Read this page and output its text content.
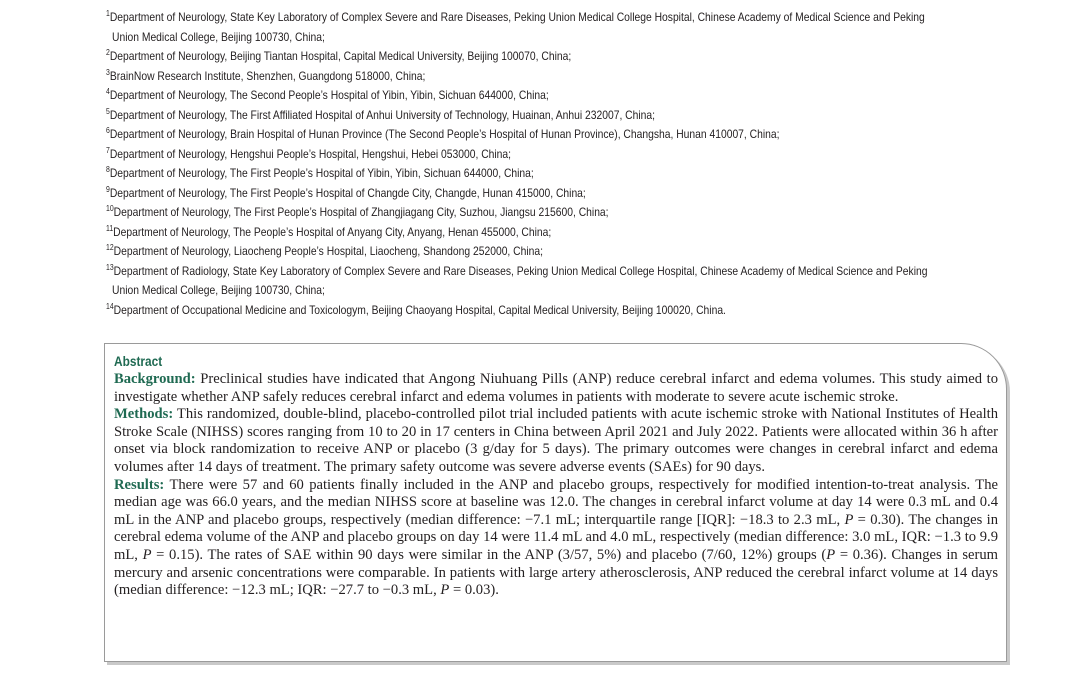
$^1$Department of Neurology, State Key Laboratory of Complex Severe and Rare Diseases, Peking Union Medical College Hospital, Chinese Academy of Medical Science and Peking
Union Medical College, Beijing 100730, China;
$^2$Department of Neurology, Beijing Tiantan Hospital, Capital Medical University, Beijing 100070, China;
$^3$BrainNow Research Institute, Shenzhen, Guangdong 518000, China;
$^4$Department of Neurology, The Second People’s Hospital of Yibin, Yibin, Sichuan 644000, China;
$^5$Department of Neurology, The First Affiliated Hospital of Anhui University of Technology, Huainan, Anhui 232007, China;
$^6$Department of Neurology, Brain Hospital of Hunan Province (The Second People’s Hospital of Hunan Province), Changsha, Hunan 410007, China;
$^7$Department of Neurology, Hengshui People’s Hospital, Hengshui, Hebei 053000, China;
$^8$Department of Neurology, The First People’s Hospital of Yibin, Yibin, Sichuan 644000, China;
$^9$Department of Neurology, The First People’s Hospital of Changde City, Changde, Hunan 415000, China;
$^{10}$Department of Neurology, The First People’s Hospital of Zhangjiagang City, Suzhou, Jiangsu 215600, China;
$^{11}$Department of Neurology, The People’s Hospital of Anyang City, Anyang, Henan 455000, China;
$^{12}$Department of Neurology, Liaocheng People’s Hospital, Liaocheng, Shandong 252000, China;
$^{13}$Department of Radiology, State Key Laboratory of Complex Severe and Rare Diseases, Peking Union Medical College Hospital, Chinese Academy of Medical Science and Peking
Union Medical College, Beijing 100730, China;
$^{14}$Department of Occupational Medicine and Toxicologym, Beijing Chaoyang Hospital, Capital Medical University, Beijing 100020, China.
Abstract

Background: Preclinical studies have indicated that Angong Niuhuang Pills (ANP) reduce cerebral infarct and edema volumes. This study aimed to investigate whether ANP safely reduces cerebral infarct and edema volumes in patients with moderate to severe acute ischemic stroke.

Methods: This randomized, double-blind, placebo-controlled pilot trial included patients with acute ischemic stroke with National Institutes of Health Stroke Scale (NIHSS) scores ranging from 10 to 20 in 17 centers in China between April 2021 and July 2022. Patients were allocated within 36 h after onset via block randomization to receive ANP or placebo (3 g/day for 5 days). The primary outcomes were changes in cerebral infarct and edema volumes after 14 days of treatment. The primary safety outcome was severe adverse events (SAEs) for 90 days.

Results: There were 57 and 60 patients finally included in the ANP and placebo groups, respectively for modified intention-to-treat analysis. The median age was 66.0 years, and the median NIHSS score at baseline was 12.0. The changes in cerebral infarct volume at day 14 were 0.3 mL and 0.4 mL in the ANP and placebo groups, respectively (median difference: −7.1 mL; interquartile range [IQR]: −18.3 to 2.3 mL, P = 0.30). The changes in cerebral edema volume of the ANP and placebo groups on day 14 were 11.4 mL and 4.0 mL, respectively (median difference: 3.0 mL, IQR: −1.3 to 9.9 mL, P = 0.15). The rates of SAE within 90 days were similar in the ANP (3/57, 5%) and placebo (7/60, 12%) groups (P = 0.36). Changes in serum mercury and arsenic concentrations were comparable. In patients with large artery atherosclerosis, ANP reduced the cerebral infarct volume at 14 days (median difference: −12.3 mL; IQR: −27.7 to −0.3 mL, P = 0.03).
